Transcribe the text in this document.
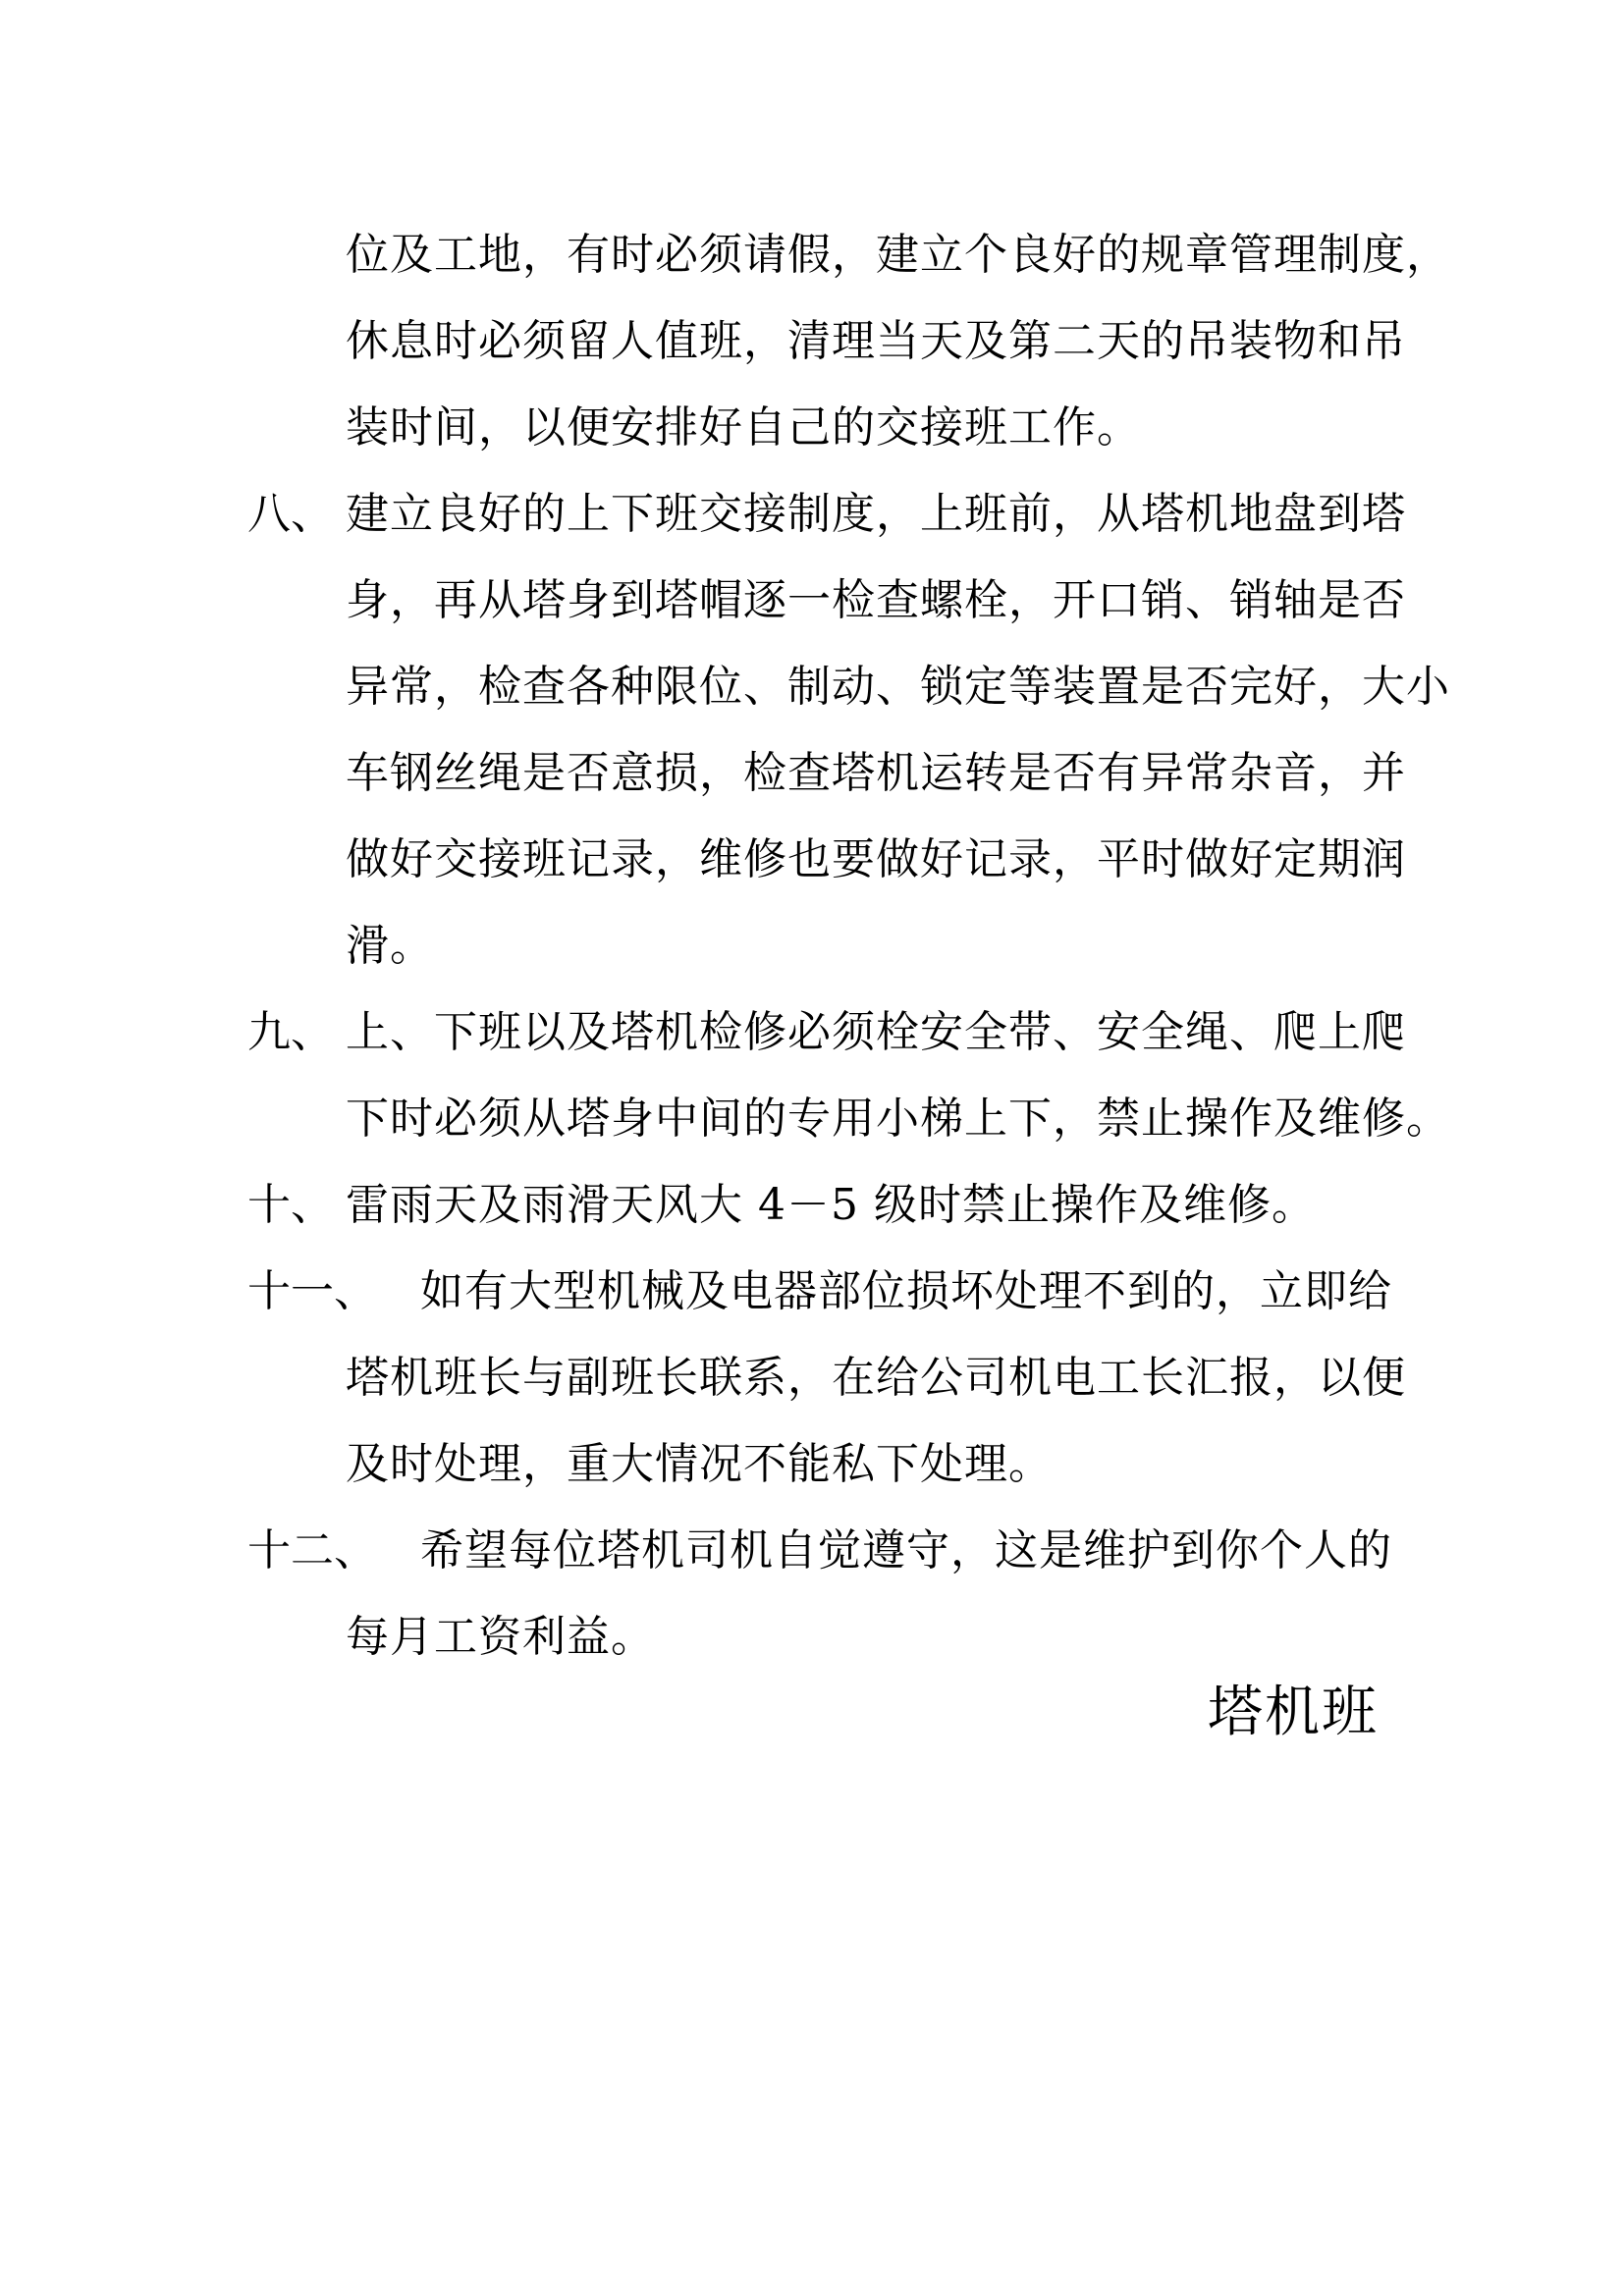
位及工地，有时必须请假，建立个良好的规章管理制度，
休息时必须留人值班，清理当天及第二天的吊装物和吊
装时间，以便安排好自己的交接班工作。
八、 建立良好的上下班交接制度，上班前，从塔机地盘到塔
身，再从塔身到塔帽逐一检查螺栓，开口销、销轴是否
异常，检查各种限位、制动、锁定等装置是否完好，大小
车钢丝绳是否意损，检查塔机运转是否有异常杂音，并
做好交接班记录，维修也要做好记录，平时做好定期润
滑。
九、 上、下班以及塔机检修必须栓安全带、安全绳、爬上爬
下时必须从塔身中间的专用小梯上下，禁止操作及维修。
十、 雷雨天及雨滑天风大 4－5 级时禁止操作及维修。
十一、 如有大型机械及电器部位损坏处理不到的，立即给
塔机班长与副班长联系，在给公司机电工长汇报，以便
及时处理，重大情况不能私下处理。
十二、 希望每位塔机司机自觉遵守，这是维护到你个人的
每月工资利益。
塔机班
